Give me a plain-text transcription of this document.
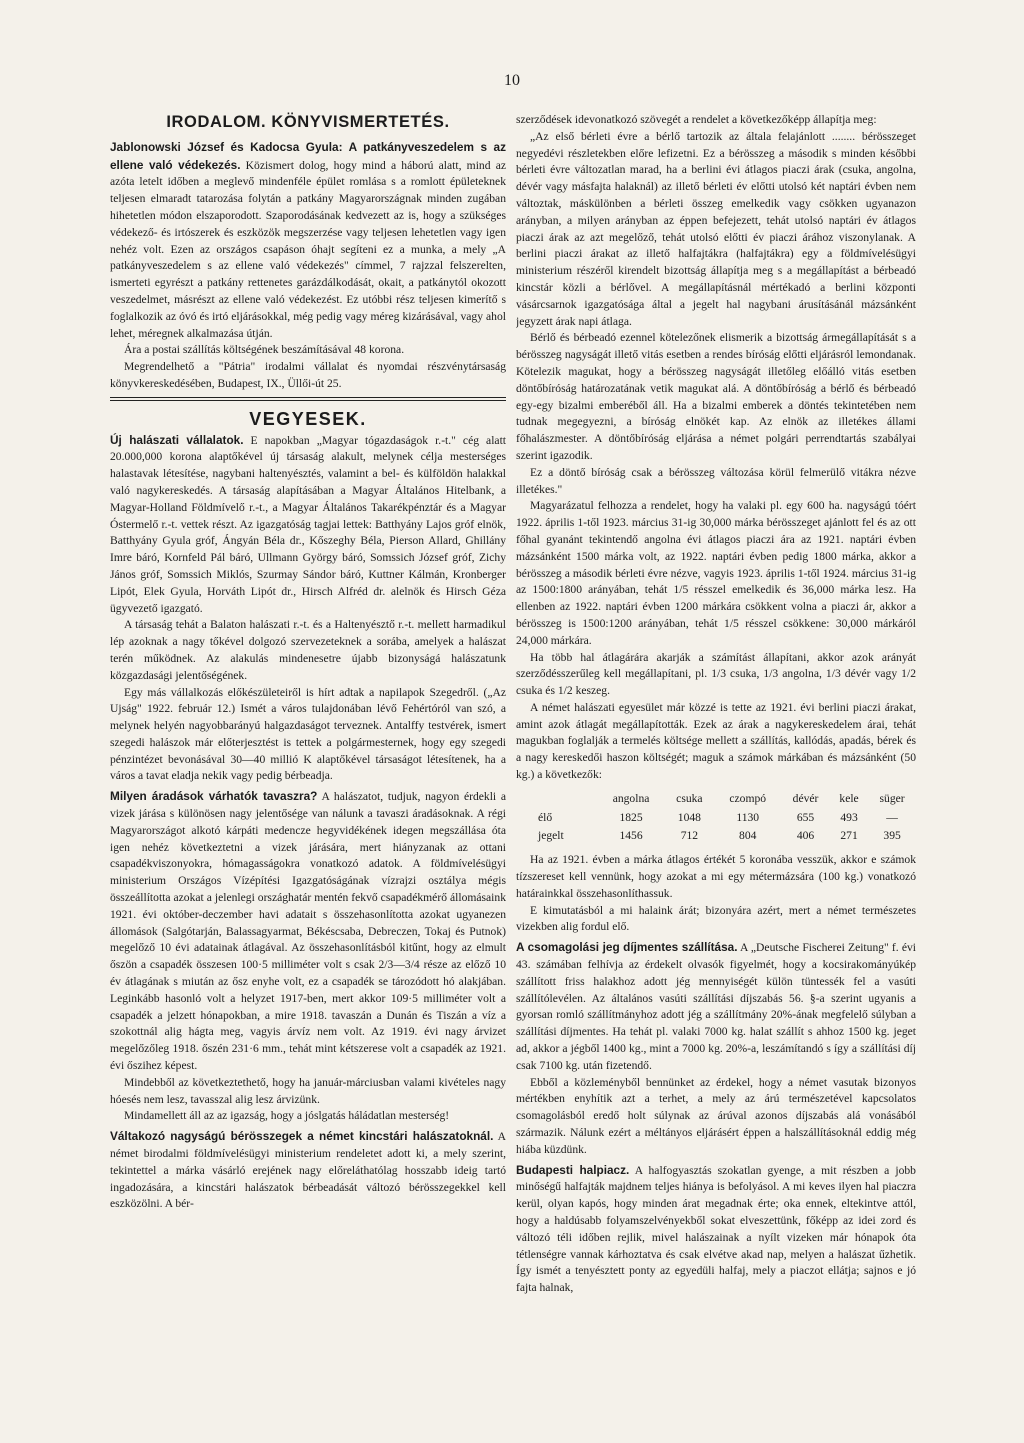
10
IRODALOM. KÖNYVISMERTETÉS.

Jablonowski József és Kadocsa Gyula: A patkányveszedelem s az ellene való védekezés. Közismert dolog, hogy mind a háború alatt, mind az azóta letelt időben a meglevő mindenféle épület romlása s a romlott épületeknek teljesen elmaradt tatarozása folytán a patkány Magyarországnak minden zugában hihetetlen módon elszaporodott. Szaporodásának kedvezett az is, hogy a szükséges védekező- és irtószerek és eszközök megszerzése vagy teljesen lehetetlen vagy igen nehéz volt. Ezen az országos csapáson óhajt segíteni ez a munka, a mely „A patkányveszedelem s az ellene való védekezés" címmel, 7 rajzzal felszerelten, ismerteti egyrészt a patkány rettenetes garázdálkodását, okait, a patkánytól okozott veszedelmet, másrészt az ellene való védekezést. Ez utóbbi rész teljesen kimerítő s foglalkozik az óvó és irtó eljárásokkal, még pedig vagy méreg kizárásával, vagy ahol lehet, méregnek alkalmazása útján.

Ára a postai szállítás költségének beszámításával 48 korona.

Megrendelhető a "Pátria" irodalmi vállalat és nyomdai részvénytársaság könyvkereskedésében, Budapest, IX., Üllői-út 25.

VEGYESEK.

Új halászati vállalatok. E napokban „Magyar tógazdaságok r.-t." cég alatt 20.000,000 korona alaptőkével új társaság alakult, melynek célja mesterséges halastavak létesítése, nagybani haltenyésztés, valamint a bel- és külföldön halakkal való nagykereskedés. A társaság alapításában a Magyar Általános Hitelbank, a Magyar-Holland Földmívelő r.-t., a Magyar Általános Takarékpénztár és a Magyar Óstermelő r.-t. vettek részt. Az igazgatóság tagjai lettek: Batthyány Lajos gróf elnök, Batthyány Gyula gróf, Ángyán Béla dr., Kőszeghy Béla, Pierson Allard, Ghillány Imre báró, Kornfeld Pál báró, Ullmann György báró, Somssich József gróf, Zichy János gróf, Somssich Miklós, Szurmay Sándor báró, Kuttner Kálmán, Kronberger Lipót, Elek Gyula, Horváth Lipót dr., Hirsch Alfréd dr. alelnök és Hirsch Géza ügyvezető igazgató.

A társaság tehát a Balaton halászati r.-t. és a Haltenyésztő r.-t. mellett harmadikul lép azoknak a nagy tőkével dolgozó szervezeteknek a sorába, amelyek a halászat terén működnek. Az alakulás mindenesetre újabb bizonyságá halászatunk közgazdasági jelentőségének.

Egy más vállalkozás előkészületeiről is hírt adtak a napilapok Szegedről. („Az Ujság" 1922. február 12.) Ismét a város tulajdonában lévő Fehértóról van szó, a melynek helyén nagyobbarányú halgazdaságot terveznek. Antalffy testvérek, ismert szegedi halászok már előterjesztést is tettek a polgármesternek, hogy egy szegedi pénzintézet bevonásával 30—40 millió K alaptőkével társaságot létesítenek, ha a város a tavat eladja nekik vagy pedig bérbeadja.

Milyen áradások várhatók tavaszra? A halászatot, tudjuk, nagyon érdekli a vizek járása s különösen nagy jelentősége van nálunk a tavaszi áradásoknak. A régi Magyarországot alkotó kárpáti medencze hegyvidékének idegen megszállása óta igen nehéz következtetni a vizek járására, mert hiányzanak az ottani csapadékviszonyokra, hómagasságokra vonatkozó adatok. A földmívelésügyi ministerium Országos Vízépítési Igazgatóságának vízrajzi osztálya mégis összeállította azokat a jelenlegi országhatár mentén fekvő csapadékmérő állomásaink 1921. évi október-deczember havi adatait s összehasonlította azokat ugyanezen állomások (Salgótarján, Balassagyarmat, Békéscsaba, Debreczen, Tokaj és Putnok) megelőző 10 évi adatainak átlagával. Az összehasonlításból kitűnt, hogy az elmult őszön a csapadék összesen 100·5 milliméter volt s csak 2/3—3/4 része az előző 10 év átlagának s miután az ősz enyhe volt, ez a csapadék se tározódott hó alakjában. Leginkább hasonló volt a helyzet 1917-ben, mert akkor 109·5 milliméter volt a csapadék a jelzett hónapokban, a mire 1918. tavaszán a Dunán és Tiszán a víz a szokottnál alig hágta meg, vagyis árvíz nem volt. Az 1919. évi nagy árvizet megelőzőleg 1918. őszén 231·6 mm., tehát mint kétszerese volt a csapadék az 1921. évi őszihez képest.

Mindebből az következtethető, hogy ha január-márciusban valami kivételes nagy hóesés nem lesz, tavasszal alig lesz árvizünk.

Mindamellett áll az az igazság, hogy a jóslgatás háládatlan mesterség!

Váltakozó nagyságú bérösszegek a német kincstári halászatoknál. A német birodalmi földmívelésügyi ministerium rendeletet adott ki, a mely szerint, tekintettel a márka vásárló erejének nagy előreláthatólag hosszabb ideig tartó ingadozására, a kincstári halászatok bérbeadását változó bérösszegekkel kell eszközölni. A bér-

szerződések idevonatkozó szövegét a rendelet a következőképp állapítja meg:

„Az első bérleti évre a bérlő tartozik az általa felajánlott ........ bérösszeget negyedévi részletekben előre lefizetni. Ez a bérösszeg a második s minden későbbi bérleti évre változatlan marad, ha a berlini évi átlagos piaczi árak (csuka, angolna, dévér vagy másfajta halaknál) az illető bérleti év előtti utolsó két naptári évben nem változtak, máskülönben a bérleti összeg emelkedik vagy csökken ugyanazon arányban, a milyen arányban az éppen befejezett, tehát utolsó naptári év átlagos piaczi árak az azt megelőző, tehát utolsó előtti év piaczi árához viszonylanak. A berlini piaczi árakat az illető halfajtákra (halfajtákra) egy a földmívelésügyi ministerium részéről kirendelt bizottság állapítja meg s a megállapítást a bérbeadó kincstár közli a bérlővel. A megállapításnál mértékadó a berlini központi vásárcsarnok igazgatósága által a jegelt hal nagybani árusításánál mázsánként jegyzett árak napi átlaga.

Bérlő és bérbeadó ezennel kötelezőnek elismerik a bizottság ármegállapítását s a bérösszeg nagyságát illető vitás esetben a rendes bíróság előtti eljárásról lemondanak. Kötelezik magukat, hogy a bérösszeg nagyságát illetőleg előálló vitás esetben döntőbíróság határozatának vetik magukat alá. A döntőbíróság a bérlő és bérbeadó egy-egy bizalmi emberéből áll. Ha a bizalmi emberek a döntés tekintetében nem tudnak megegyezni, a bíróság elnökét kap. Az elnök az illetékes állami főhalászmester. A döntőbíróság eljárása a német polgári perrendtartás szabályai szerint igazodik.

Ez a döntő bíróság csak a bérösszeg változása körül felmerülő vitákra nézve illetékes."

Magyarázatul felhozza a rendelet, hogy ha valaki pl. egy 600 ha. nagyságú tóért 1922. április 1-től 1923. március 31-ig 30,000 márka bérösszeget ajánlott fel és az ott főhal gyanánt tekintendő angolna évi átlagos piaczi ára az 1921. naptári évben mázsánként 1500 márka volt, az 1922. naptári évben pedig 1800 márka, akkor a bérösszeg a második bérleti évre nézve, vagyis 1923. április 1-től 1924. március 31-ig az 1500:1800 arányában, tehát 1/5 résszel emelkedik és 36,000 márka lesz. Ha ellenben az 1922. naptári évben 1200 márkára csökkent volna a piaczi ár, akkor a bérösszeg is 1500:1200 arányában, tehát 1/5 résszel csökkene: 30,000 márkáról 24,000 márkára.

Ha több hal átlagárára akarják a számítást állapítani, akkor azok arányát szerződésszerűleg kell megállapítani, pl. 1/3 csuka, 1/3 angolna, 1/3 dévér vagy 1/2 csuka és 1/2 keszeg.

A német halászati egyesület már közzé is tette az 1921. évi berlini piaczi árakat, amint azok átlagát megállapították. Ezek az árak a nagykereskedelem árai, tehát magukban foglalják a termelés költsége mellett a szállítás, kallódás, apadás, bérek és a nagy kereskedői haszon költségét; maguk a számok márkában és mázsánként (50 kg.) a következők:

	angolna	csuka	czompó	dévér	kele	süger
élő	1825	1048	1130	655	493	—
jegelt	1456	712	804	406	271	395

Ha az 1921. évben a márka átlagos értékét 5 koronába vesszük, akkor e számok tízszereset kell vennünk, hogy azokat a mi egy métermázsára (100 kg.) vonatkozó határainkkal összehasonlíthassuk.

E kimutatásból a mi halaink árát; bizonyára azért, mert a német természetes vizekben alig fordul elő.

A csomagolási jeg díjmentes szállítása. A „Deutsche Fischerei Zeitung" f. évi 43. számában felhívja az érdekelt olvasók figyelmét, hogy a kocsirakományúkép szállított friss halakhoz adott jég mennyiségét külön tüntessék fel a vasúti szállítólevélen. Az általános vasúti szállítási díjszabás 56. §-a szerint ugyanis a gyorsan romló szállítmányhoz adott jég a szállítmány 20%-ának megfelelő súlyban a szállítási díjmentes. Ha tehát pl. valaki 7000 kg. halat szállít s ahhoz 1500 kg. jeget ad, akkor a jégből 1400 kg., mint a 7000 kg. 20%-a, leszámítandó s így a szállítási díj csak 7100 kg. után fizetendő.

Ebből a közleményből bennünket az érdekel, hogy a német vasutak bizonyos mértékben enyhítik azt a terhet, a mely az árú természetével kapcsolatos csomagolásból eredő holt súlynak az árúval azonos díjszabás alá vonásából származik. Nálunk ezért a méltányos eljárásért éppen a halszállításoknál eddig még hiába küzdünk.

Budapesti halpiacz. A halfogyasztás szokatlan gyenge, a mit részben a jobb minőségű halfajták majdnem teljes hiánya is befolyásol. A mi keves ilyen hal piaczra kerül, olyan kapós, hogy minden árat megadnak érte; oka ennek, eltekintve attól, hogy a haldúsabb folyamszelvényekből sokat elveszettünk, főképp az idei zord és változó téli időben rejlik, mivel halászainak a nyílt vizeken már hónapok óta tétlenségre vannak kárhoztatva és csak elvétve akad nap, melyen a halászat űzhetik. Így ismét a tenyésztett ponty az egyedüli halfaj, mely a piaczot ellátja; sajnos e jó fajta halnak,
